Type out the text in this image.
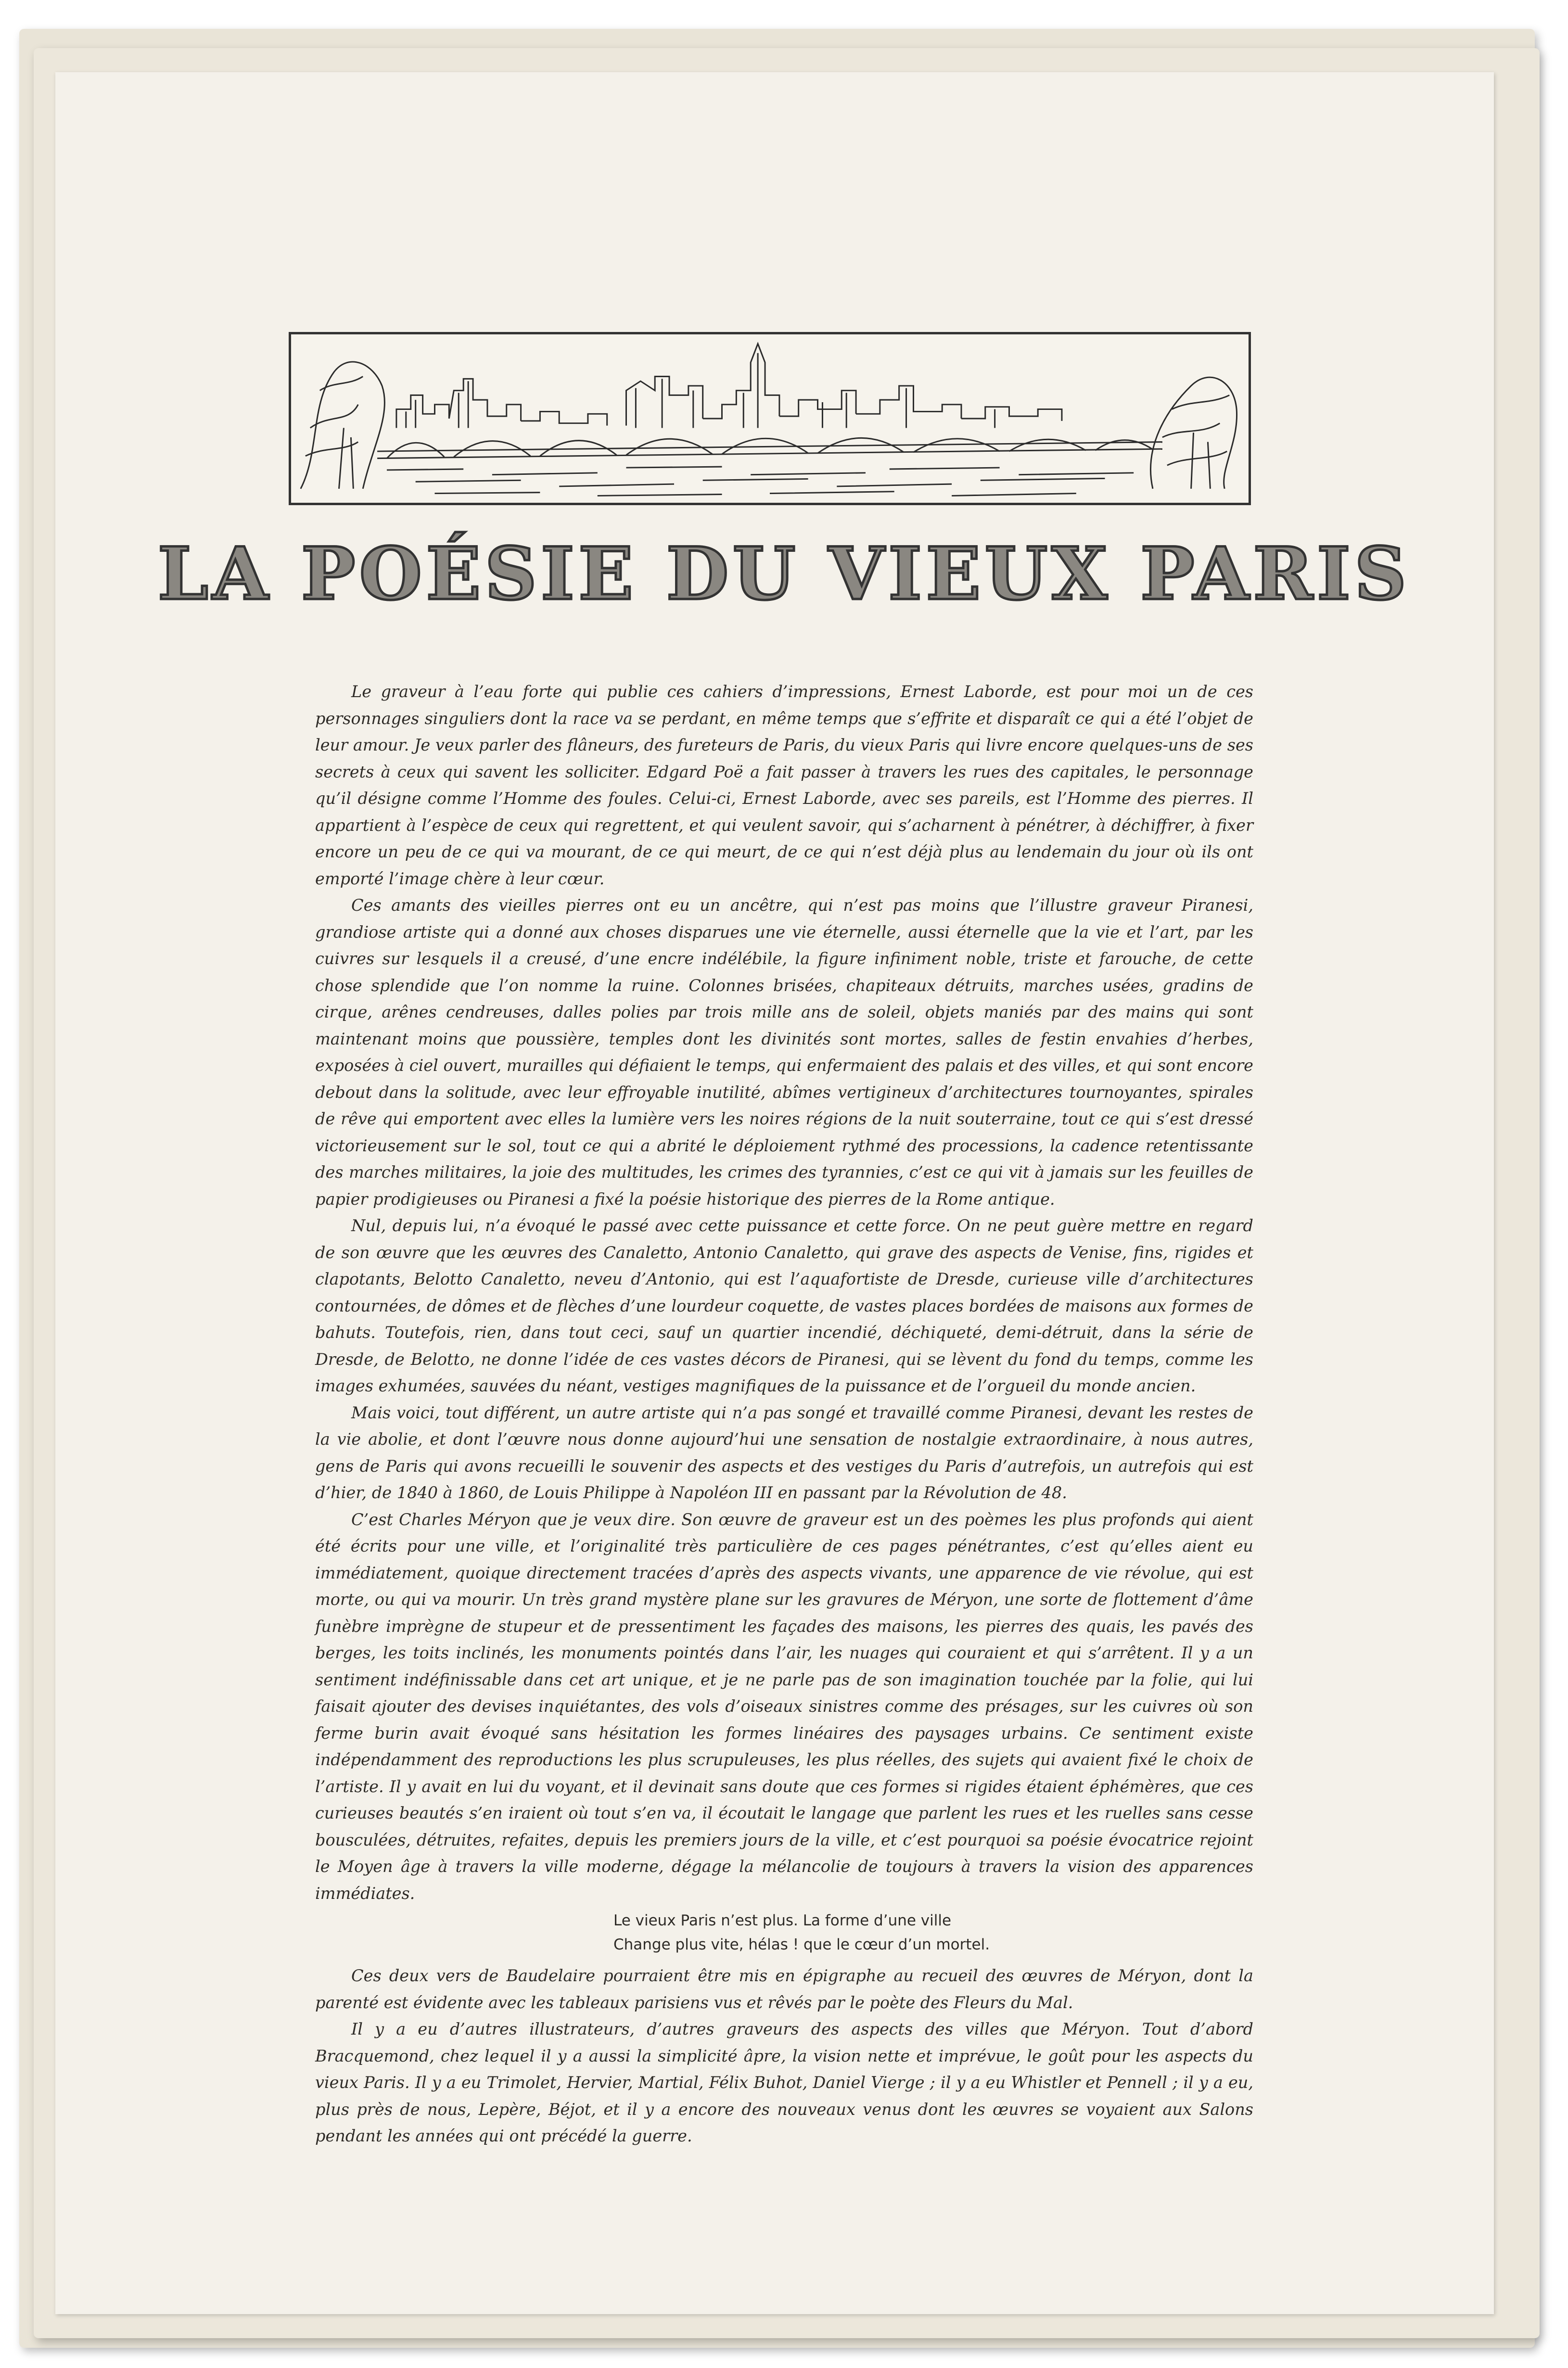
LA POÉSIE DU VIEUX PARIS

Le graveur à l’eau forte qui publie ces cahiers d’impressions, Ernest Laborde, est pour moi un de ces personnages singuliers dont la race va se perdant, en même temps que s’effrite et disparaît ce qui a été l’objet de leur amour. Je veux parler des flâneurs, des fureteurs de Paris, du vieux Paris qui livre encore quelques-uns de ses secrets à ceux qui savent les solliciter. Edgard Poë a fait passer à travers les rues des capitales, le personnage qu’il désigne comme l’Homme des foules. Celui-ci, Ernest Laborde, avec ses pareils, est l’Homme des pierres. Il appartient à l’espèce de ceux qui regrettent, et qui veulent savoir, qui s’acharnent à pénétrer, à déchiffrer, à fixer encore un peu de ce qui va mourant, de ce qui meurt, de ce qui n’est déjà plus au lendemain du jour où ils ont emporté l’image chère à leur cœur.

Ces amants des vieilles pierres ont eu un ancêtre, qui n’est pas moins que l’illustre graveur Piranesi, grandiose artiste qui a donné aux choses disparues une vie éternelle, aussi éternelle que la vie et l’art, par les cuivres sur lesquels il a creusé, d’une encre indélébile, la figure infiniment noble, triste et farouche, de cette chose splendide que l’on nomme la ruine. Colonnes brisées, chapiteaux détruits, marches usées, gradins de cirque, arênes cendreuses, dalles polies par trois mille ans de soleil, objets maniés par des mains qui sont maintenant moins que poussière, temples dont les divinités sont mortes, salles de festin envahies d’herbes, exposées à ciel ouvert, murailles qui défiaient le temps, qui enfermaient des palais et des villes, et qui sont encore debout dans la solitude, avec leur effroyable inutilité, abîmes vertigineux d’architectures tournoyantes, spirales de rêve qui emportent avec elles la lumière vers les noires régions de la nuit souterraine, tout ce qui s’est dressé victorieusement sur le sol, tout ce qui a abrité le déploiement rythmé des processions, la cadence retentissante des marches militaires, la joie des multitudes, les crimes des tyrannies, c’est ce qui vit à jamais sur les feuilles de papier prodigieuses ou Piranesi a fixé la poésie historique des pierres de la Rome antique.

Nul, depuis lui, n’a évoqué le passé avec cette puissance et cette force. On ne peut guère mettre en regard de son œuvre que les œuvres des Canaletto, Antonio Canaletto, qui grave des aspects de Venise, fins, rigides et clapotants, Belotto Canaletto, neveu d’Antonio, qui est l’aquafortiste de Dresde, curieuse ville d’architectures contournées, de dômes et de flèches d’une lourdeur coquette, de vastes places bordées de maisons aux formes de bahuts. Toutefois, rien, dans tout ceci, sauf un quartier incendié, déchiqueté, demi-détruit, dans la série de Dresde, de Belotto, ne donne l’idée de ces vastes décors de Piranesi, qui se lèvent du fond du temps, comme les images exhumées, sauvées du néant, vestiges magnifiques de la puissance et de l’orgueil du monde ancien.

Mais voici, tout différent, un autre artiste qui n’a pas songé et travaillé comme Piranesi, devant les restes de la vie abolie, et dont l’œuvre nous donne aujourd’hui une sensation de nostalgie extraordinaire, à nous autres, gens de Paris qui avons recueilli le souvenir des aspects et des vestiges du Paris d’autrefois, un autrefois qui est d’hier, de 1840 à 1860, de Louis Philippe à Napoléon III en passant par la Révolution de 48.

C’est Charles Méryon que je veux dire. Son œuvre de graveur est un des poèmes les plus profonds qui aient été écrits pour une ville, et l’originalité très particulière de ces pages pénétrantes, c’est qu’elles aient eu immédiatement, quoique directement tracées d’après des aspects vivants, une apparence de vie révolue, qui est morte, ou qui va mourir. Un très grand mystère plane sur les gravures de Méryon, une sorte de flottement d’âme funèbre imprègne de stupeur et de pressentiment les façades des maisons, les pierres des quais, les pavés des berges, les toits inclinés, les monuments pointés dans l’air, les nuages qui couraient et qui s’arrêtent. Il y a un sentiment indéfinissable dans cet art unique, et je ne parle pas de son imagination touchée par la folie, qui lui faisait ajouter des devises inquiétantes, des vols d’oiseaux sinistres comme des présages, sur les cuivres où son ferme burin avait évoqué sans hésitation les formes linéaires des paysages urbains. Ce sentiment existe indépendamment des reproductions les plus scrupuleuses, les plus réelles, des sujets qui avaient fixé le choix de l’artiste. Il y avait en lui du voyant, et il devinait sans doute que ces formes si rigides étaient éphémères, que ces curieuses beautés s’en iraient où tout s’en va, il écoutait le langage que parlent les rues et les ruelles sans cesse bousculées, détruites, refaites, depuis les premiers jours de la ville, et c’est pourquoi sa poésie évocatrice rejoint le Moyen âge à travers la ville moderne, dégage la mélancolie de toujours à travers la vision des apparences immédiates.

Le vieux Paris n’est plus. La forme d’une ville
Change plus vite, hélas ! que le cœur d’un mortel.

Ces deux vers de Baudelaire pourraient être mis en épigraphe au recueil des œuvres de Méryon, dont la parenté est évidente avec les tableaux parisiens vus et rêvés par le poète des Fleurs du Mal.

Il y a eu d’autres illustrateurs, d’autres graveurs des aspects des villes que Méryon. Tout d’abord Bracquemond, chez lequel il y a aussi la simplicité âpre, la vision nette et imprévue, le goût pour les aspects du vieux Paris. Il y a eu Trimolet, Hervier, Martial, Félix Buhot, Daniel Vierge ; il y a eu Whistler et Pennell ; il y a eu, plus près de nous, Lepère, Béjot, et il y a encore des nouveaux venus dont les œuvres se voyaient aux Salons pendant les années qui ont précédé la guerre.
